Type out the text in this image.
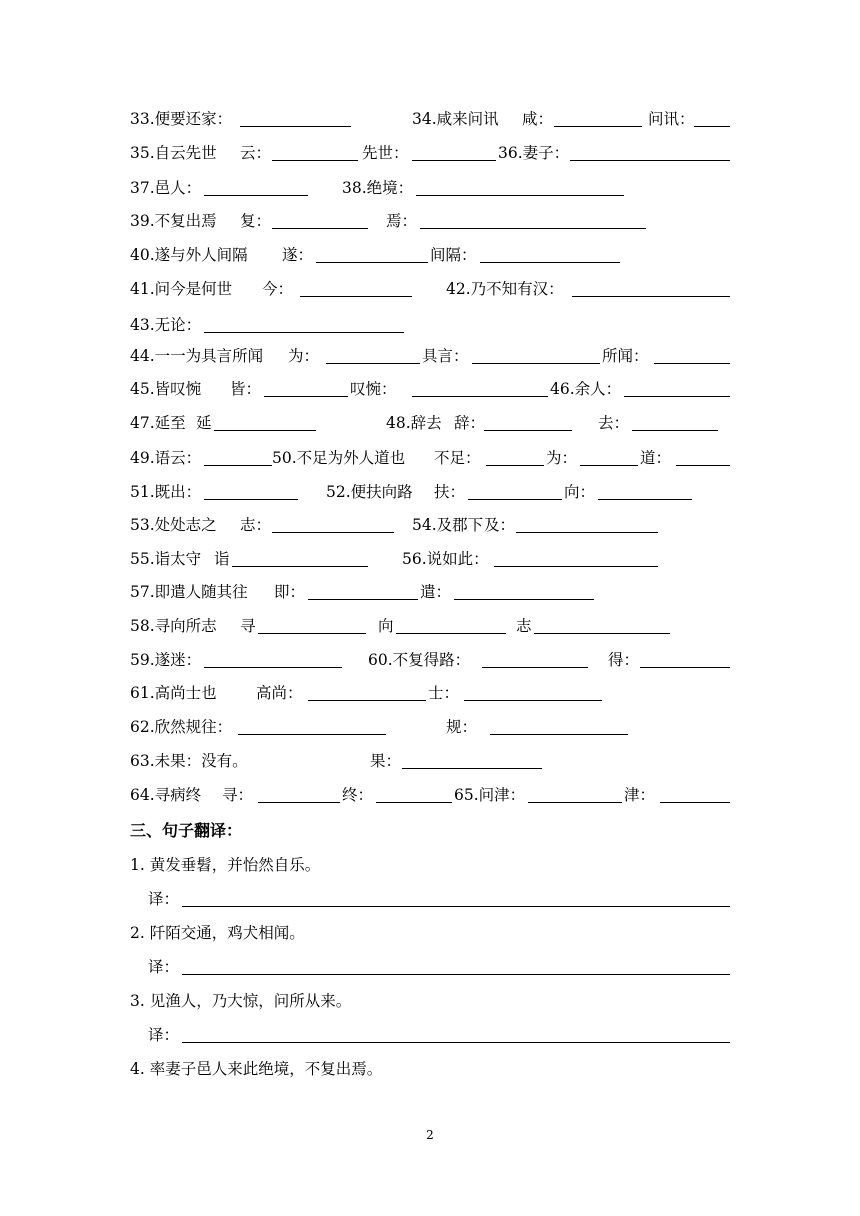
33.便要还家：	34.咸来问讯 咸：	问讯：
35.自云先世 云：	先世：	36.妻子：
37.邑人：	38.绝境：
39.不复出焉 复：	焉：
40.遂与外人间隔 遂：	间隔：
41.问今是何世 今：	42.乃不知有汉：
43.无论：
44.一一为具言所闻 为：	具言：	所闻：
45.皆叹惋 皆：	叹惋：	46.余人：
47.延至 延	48.辞去 辞：	去：
49.语云：	50.不足为外人道也 不足：	为：	道：
51.既出：	52.便扶向路 扶：	向：
53.处处志之 志：	54.及郡下 及：
55.诣太守 诣	56.说如此：
57.即遣人随其往 即：	遣：
58.寻向所志 寻	向	志
59.遂迷：	60.不复得路：	得：
61.高尚士也	高尚：	士：
62.欣然规往：	规：
63.未果：没有。	果：
64.寻病终 寻：	终：	65.问津：	津：
三、句子翻译：
1. 黄发垂髫，并怡然自乐。
译：
2. 阡陌交通，鸡犬相闻。
译：
3. 见渔人，乃大惊，问所从来。
译：
4. 率妻子邑人来此绝境，不复出焉。
2
